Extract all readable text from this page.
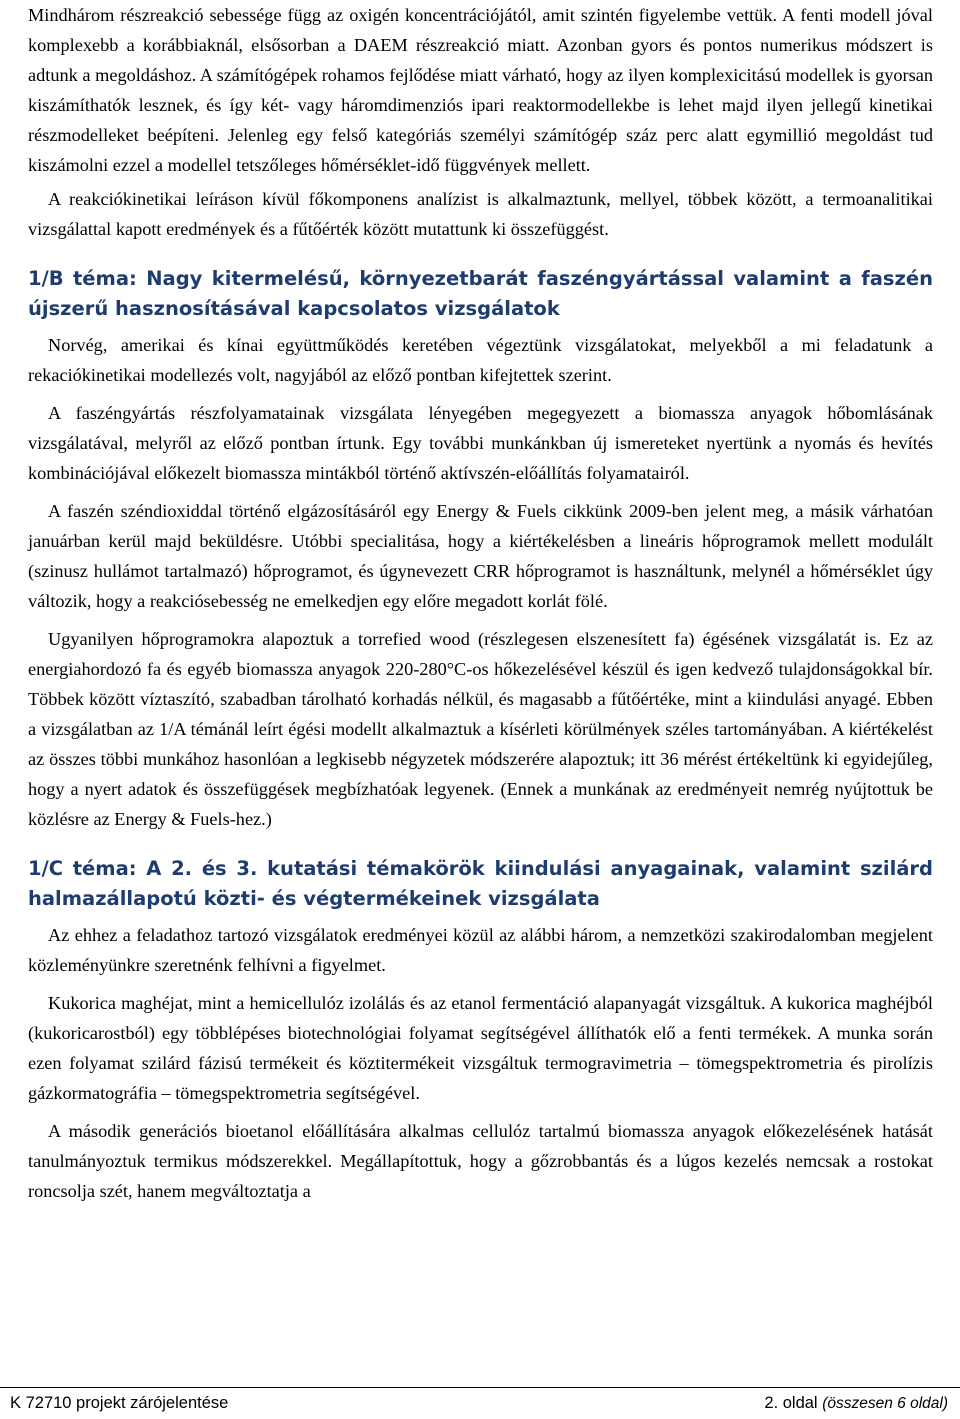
Mindhárom részreakció sebessége függ az oxigén koncentrációjától, amit szintén figyelembe vettük. A fenti modell jóval komplexebb a korábbiaknál, elsősorban a DAEM részreakció miatt. Azonban gyors és pontos numerikus módszert is adtunk a megoldáshoz. A számítógépek rohamos fejlődése miatt várható, hogy az ilyen komplexicitású modellek is gyorsan kiszámíthatók lesznek, és így két- vagy háromdimenziós ipari reaktormodellekbe is lehet majd ilyen jellegű kinetikai részmodelleket beépíteni. Jelenleg egy felső kategóriás személyi számítógép száz perc alatt egymillió megoldást tud kiszámolni ezzel a modellel tetszőleges hőmérséklet-idő függvények mellett.

A reakciókinetikai leíráson kívül főkomponens analízist is alkalmaztunk, mellyel, többek között, a termoanalitikai vizsgálattal kapott eredmények és a fűtőérték között mutattunk ki összefüggést.

1/B téma: Nagy kitermelésű, környezetbarát faszéngyártással valamint a faszén újszerű hasznosításával kapcsolatos vizsgálatok

Norvég, amerikai és kínai együttműködés keretében végeztünk vizsgálatokat, melyekből a mi feladatunk a rekaciókinetikai modellezés volt, nagyjából az előző pontban kifejtettek szerint.

A faszéngyártás részfolyamatainak vizsgálata lényegében megegyezett a biomassza anyagok hőbomlásának vizsgálatával, melyről az előző pontban írtunk. Egy további munkánkban új ismereteket nyertünk a nyomás és hevítés kombinációjával előkezelt biomassza mintákból történő aktívszén-előállítás folyamatairól.

A faszén széndioxiddal történő elgázosításáról egy Energy & Fuels cikkünk 2009-ben jelent meg, a másik várhatóan januárban kerül majd beküldésre. Utóbbi specialitása, hogy a kiértékelésben a lineáris hőprogramok mellett modulált (szinusz hullámot tartalmazó) hőprogramot, és úgynevezett CRR hőprogramot is használtunk, melynél a hőmérséklet úgy változik, hogy a reakciósebesség ne emelkedjen egy előre megadott korlát fölé.

Ugyanilyen hőprogramokra alapoztuk a torrefied wood (részlegesen elszenesített fa) égésének vizsgálatát is. Ez az energiahordozó fa és egyéb biomassza anyagok 220-280°C-os hőkezelésével készül és igen kedvező tulajdonságokkal bír. Többek között víztaszító, szabadban tárolható korhadás nélkül, és magasabb a fűtőértéke, mint a kiindulási anyagé. Ebben a vizsgálatban az 1/A témánál leírt égési modellt alkalmaztuk a kísérleti körülmények széles tartományában. A kiértékelést az összes többi munkához hasonlóan a legkisebb négyzetek módszerére alapoztuk; itt 36 mérést értékeltünk ki egyidejűleg, hogy a nyert adatok és összefüggések megbízhatóak legyenek. (Ennek a munkának az eredményeit nemrég nyújtottuk be közlésre az Energy & Fuels-hez.)

1/C téma: A 2. és 3. kutatási témakörök kiindulási anyagainak, valamint szilárd halmazállapotú közti- és végtermékeinek vizsgálata

Az ehhez a feladathoz tartozó vizsgálatok eredményei közül az alábbi három, a nemzetközi szakirodalomban megjelent közleményünkre szeretnénk felhívni a figyelmet.

Kukorica maghéjat, mint a hemicellulóz izolálás és az etanol fermentáció alapanyagát vizsgáltuk. A kukorica maghéjból (kukoricarostból) egy többlépéses biotechnológiai folyamat segítségével állíthatók elő a fenti termékek. A munka során ezen folyamat szilárd fázisú termékeit és köztitermékeit vizsgáltuk termogravimetria – tömegspektrometria és pirolízis gázkormatográfia – tömegspektrometria segítségével.

A második generációs bioetanol előállítására alkalmas cellulóz tartalmú biomassza anyagok előkezelésének hatását tanulmányoztuk termikus módszerekkel. Megállapítottuk, hogy a gőzrobbantás és a lúgos kezelés nemcsak a rostokat roncsolja szét, hanem megváltoztatja a

K 72710 projekt zárójelentése	2. oldal (összesen 6 oldal)
